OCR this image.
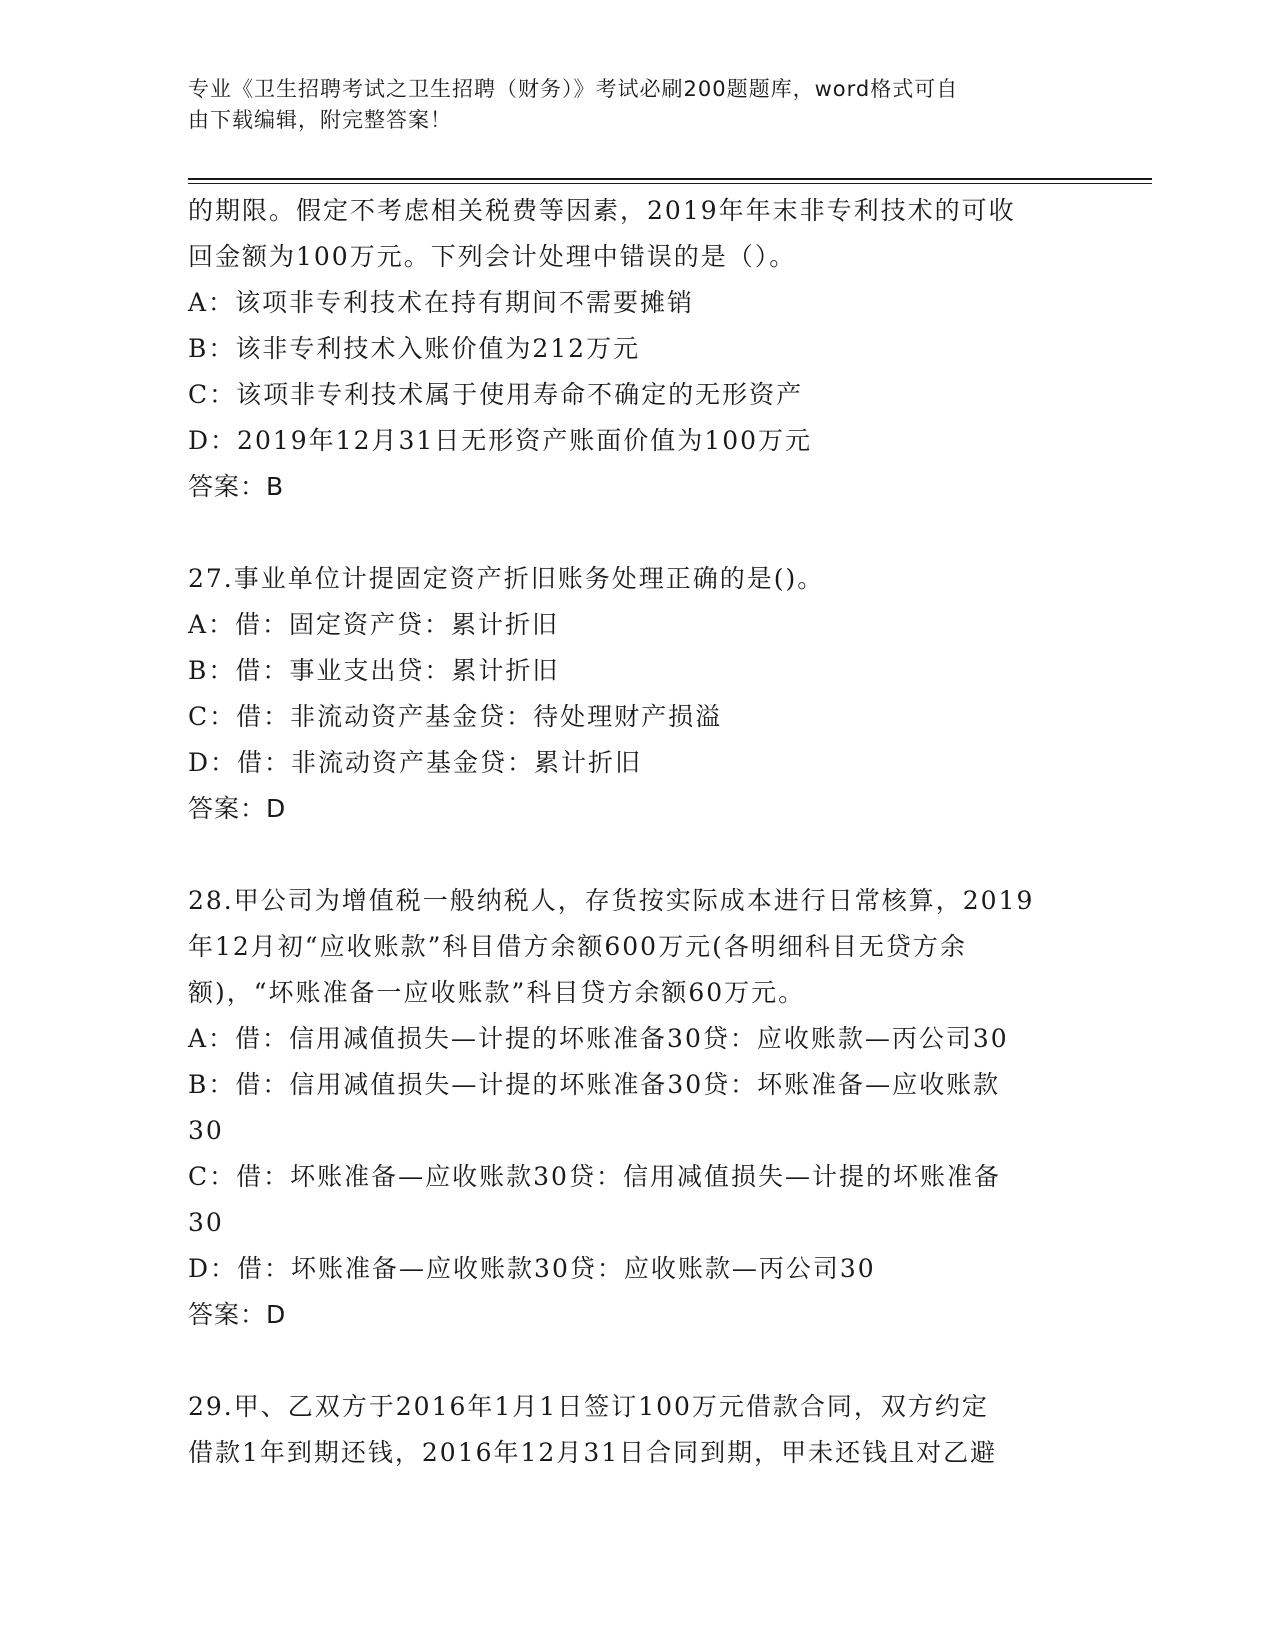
专业《卫生招聘考试之卫生招聘（财务）》考试必刷200题题库，word格式可自
由下载编辑，附完整答案！
的期限。假定不考虑相关税费等因素，2019年年末非专利技术的可收
回金额为100万元。下列会计处理中错误的是（）。
A：该项非专利技术在持有期间不需要摊销
B：该非专利技术入账价值为212万元
C：该项非专利技术属于使用寿命不确定的无形资产
D：2019年12月31日无形资产账面价值为100万元
答案：B
27.事业单位计提固定资产折旧账务处理正确的是()。
A：借：固定资产贷：累计折旧
B：借：事业支出贷：累计折旧
C：借：非流动资产基金贷：待处理财产损溢
D：借：非流动资产基金贷：累计折旧
答案：D
28.甲公司为增值税一般纳税人，存货按实际成本进行日常核算，2019
年12月初“应收账款”科目借方余额600万元(各明细科目无贷方余
额)，“坏账准备一应收账款”科目贷方余额60万元。
A：借：信用减值损失—计提的坏账准备30贷：应收账款—丙公司30
B：借：信用减值损失—计提的坏账准备30贷：坏账准备—应收账款
30
C：借：坏账准备—应收账款30贷：信用减值损失—计提的坏账准备
30
D：借：坏账准备—应收账款30贷：应收账款—丙公司30
答案：D
29.甲、乙双方于2016年1月1日签订100万元借款合同，双方约定
借款1年到期还钱，2016年12月31日合同到期，甲未还钱且对乙避
